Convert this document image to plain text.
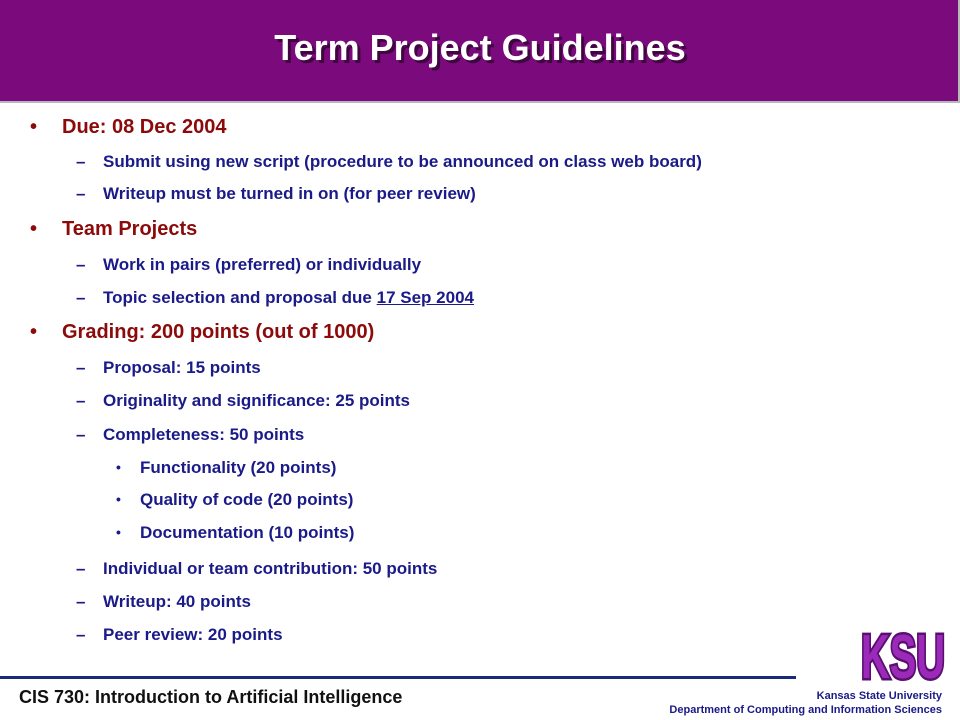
Term Project Guidelines
• Due: 08 Dec 2004
– Submit using new script (procedure to be announced on class web board)
– Writeup must be turned in on (for peer review)
• Team Projects
– Work in pairs (preferred) or individually
– Topic selection and proposal due 17 Sep 2004
• Grading: 200 points (out of 1000)
– Proposal: 15 points
– Originality and significance: 25 points
– Completeness: 50 points
• Functionality (20 points)
• Quality of code (20 points)
• Documentation (10 points)
– Individual or team contribution: 50 points
– Writeup: 40 points
– Peer review: 20 points	KSU
KSU
CIS 730: Introduction to Artificial Intelligence	Kansas State University
Department of Computing and Information Sciences
